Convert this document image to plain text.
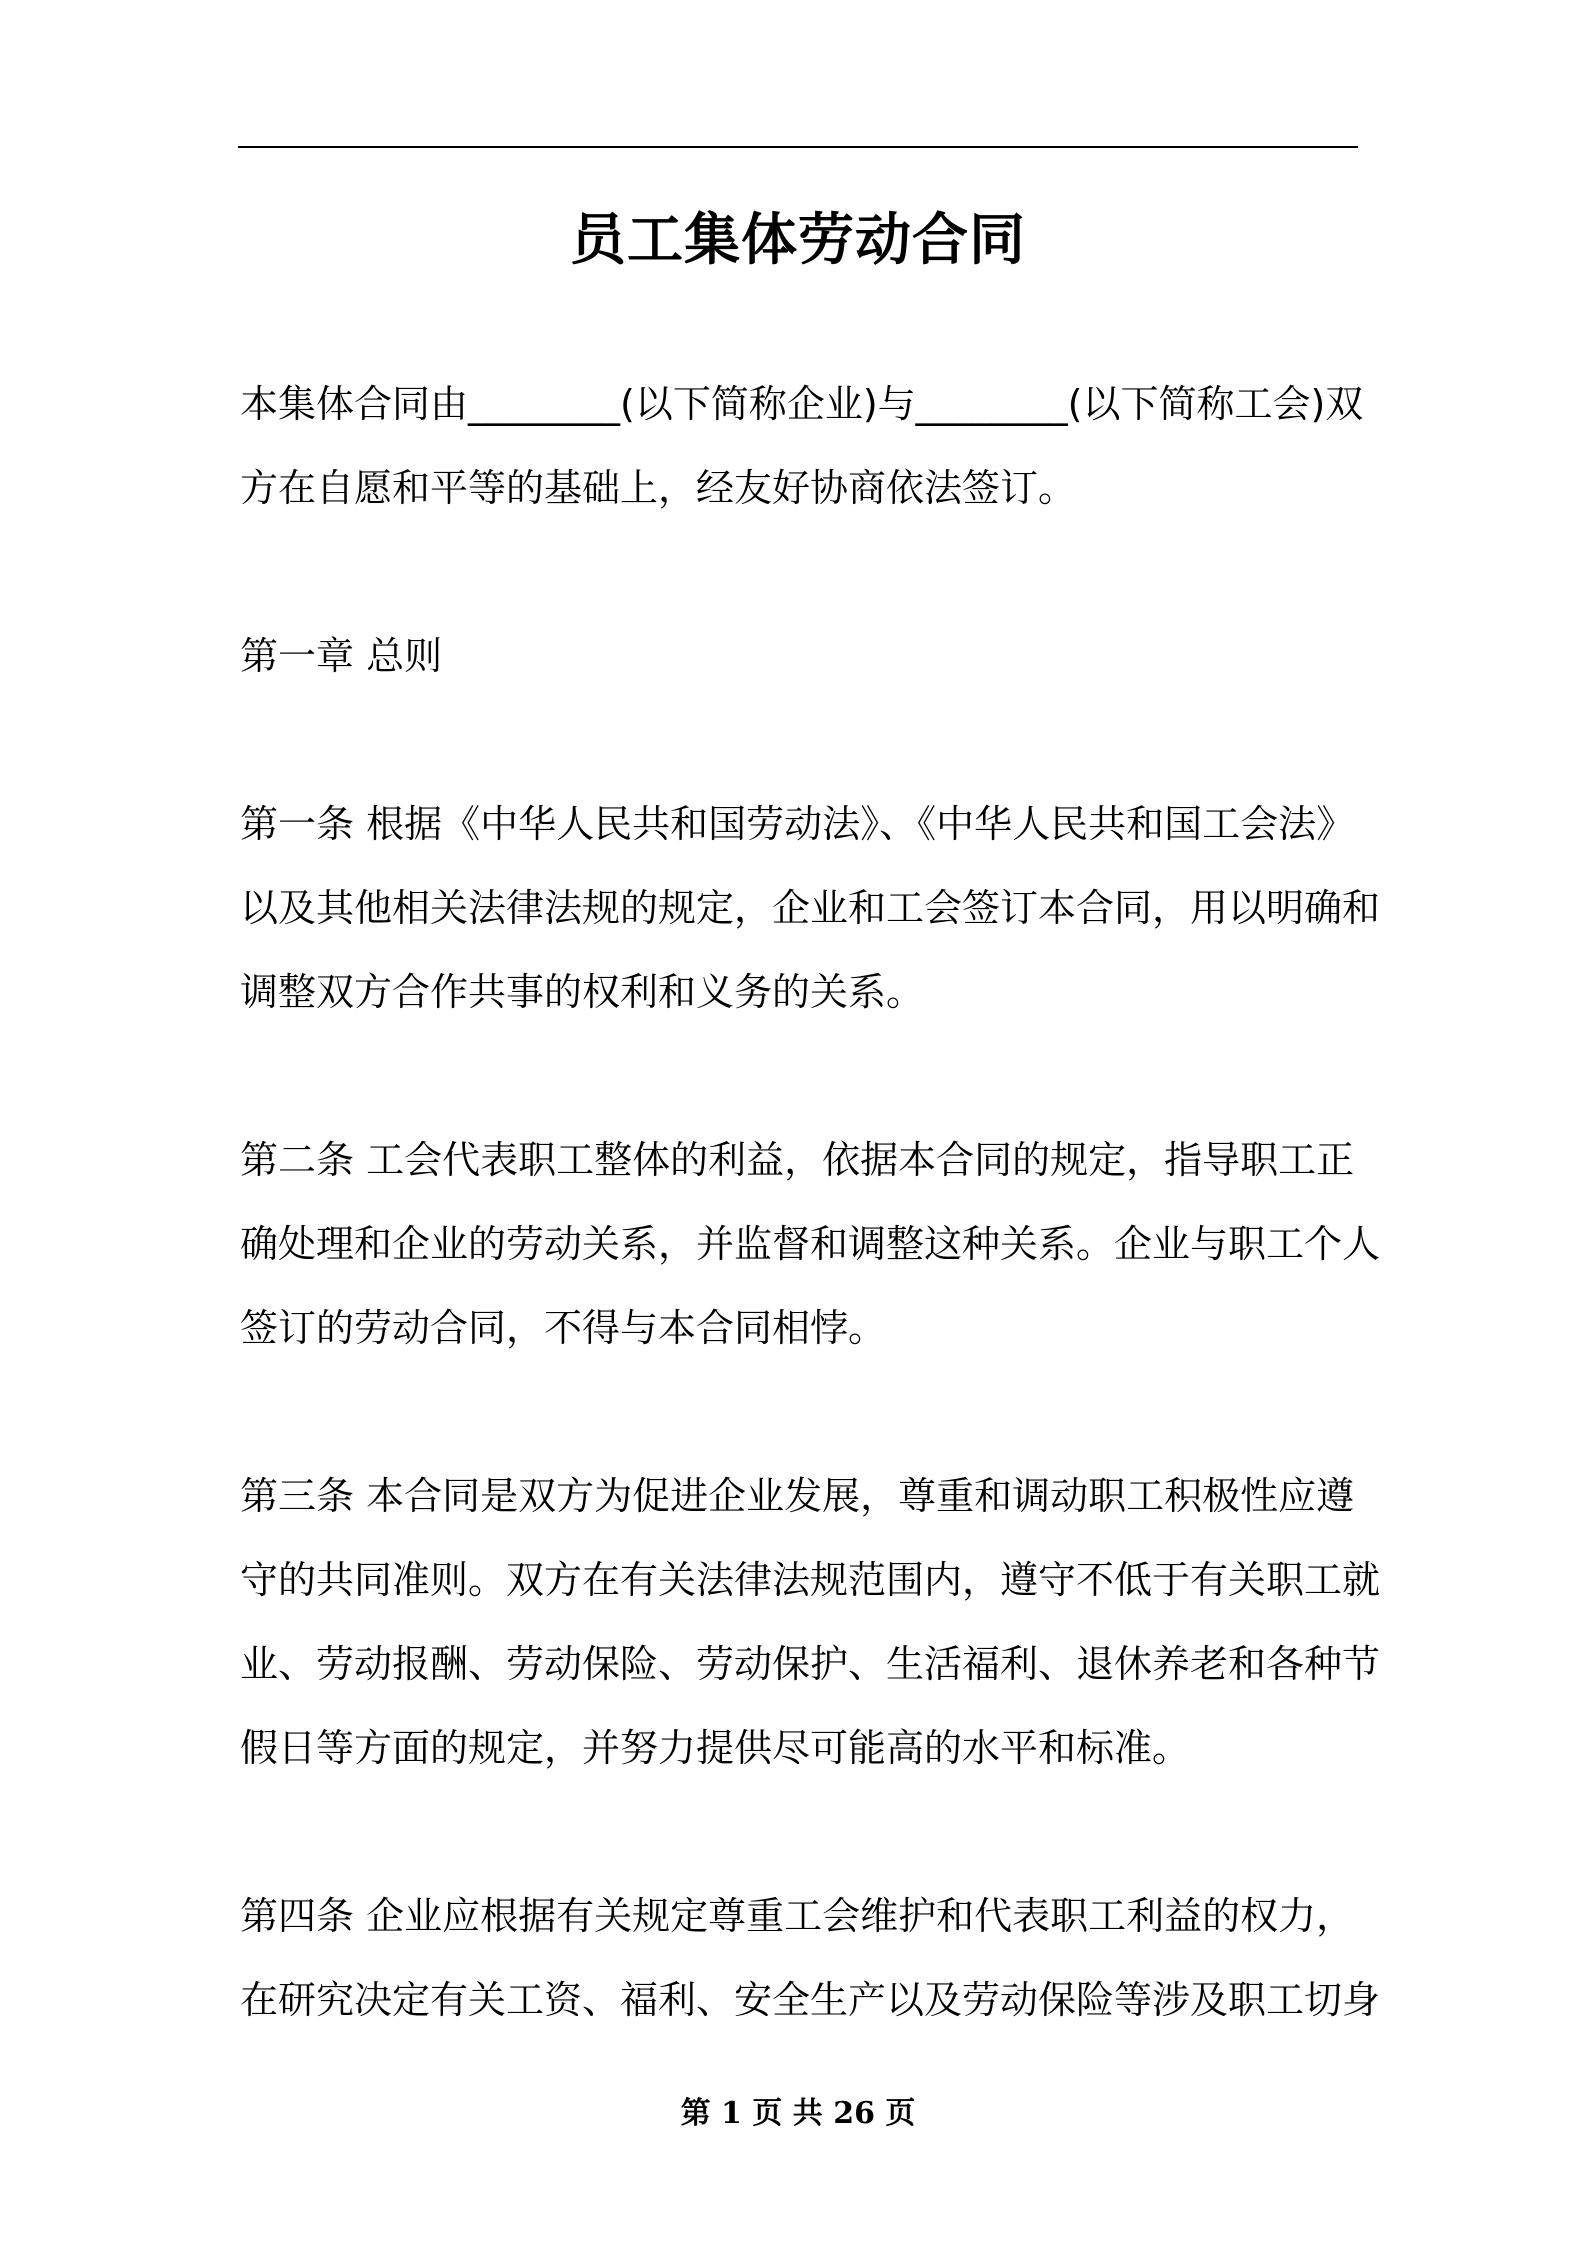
员工集体劳动合同
本集体合同由________(以下简称企业)与________(以下简称工会)双
方在自愿和平等的基础上，经友好协商依法签订。
第一章 总则
第一条 根据《中华人民共和国劳动法》、《中华人民共和国工会法》
以及其他相关法律法规的规定，企业和工会签订本合同，用以明确和
调整双方合作共事的权利和义务的关系。
第二条 工会代表职工整体的利益，依据本合同的规定，指导职工正
确处理和企业的劳动关系，并监督和调整这种关系。企业与职工个人
签订的劳动合同，不得与本合同相悖。
第三条 本合同是双方为促进企业发展，尊重和调动职工积极性应遵
守的共同准则。双方在有关法律法规范围内，遵守不低于有关职工就
业、劳动报酬、劳动保险、劳动保护、生活福利、退休养老和各种节
假日等方面的规定，并努力提供尽可能高的水平和标准。
第四条 企业应根据有关规定尊重工会维护和代表职工利益的权力，
在研究决定有关工资、福利、安全生产以及劳动保险等涉及职工切身
第 1 页 共 26 页
